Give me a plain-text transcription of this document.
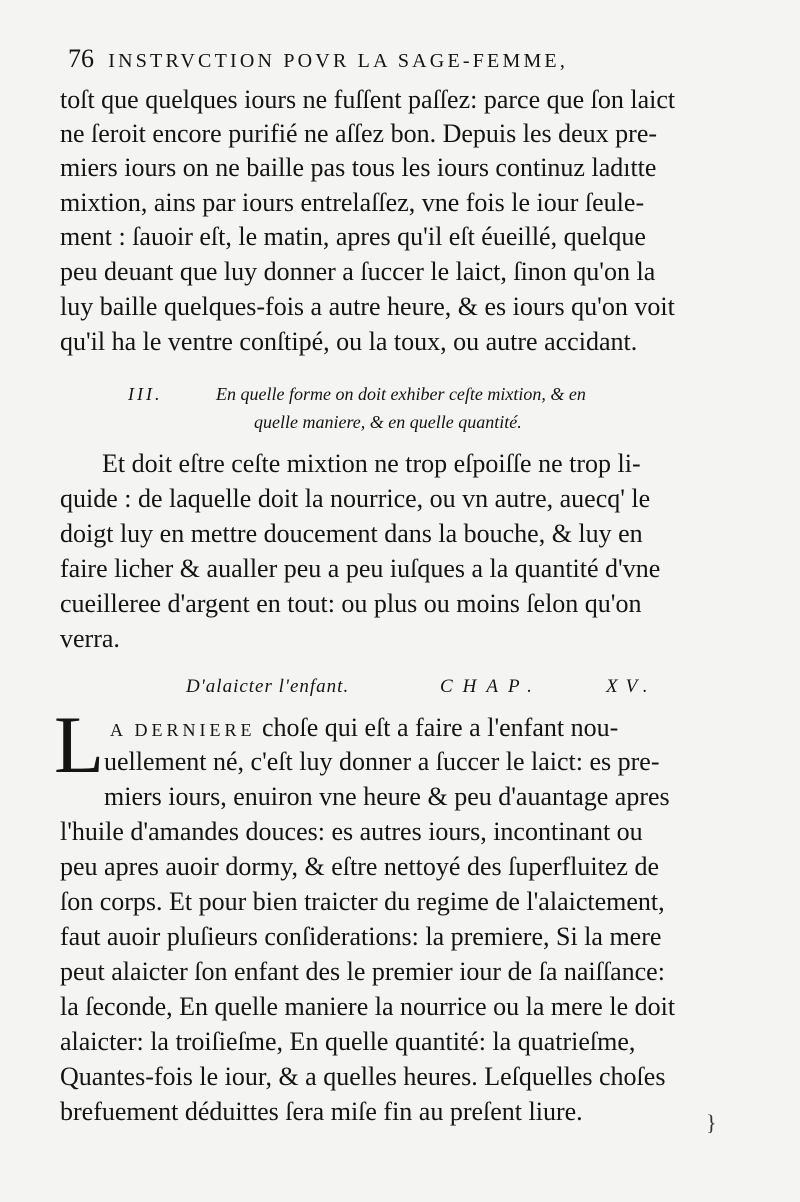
76 INSTRVCTION POVR LA SAGE-FEMME,
toſt que quelques iours ne fuſſent paſſez: parce que ſon laict
ne ſeroit encore purifié ne aſſez bon. Depuis les deux pre-
miers iours on ne baille pas tous les iours continuz ladıtte
mixtion, ains par iours entrelaſſez, vne fois le iour ſeule-
ment : ſauoir eſt, le matin, apres qu'il eſt éueillé, quelque
peu deuant que luy donner a ſuccer le laict, ſinon qu'on la
luy baille quelques-fois a autre heure, & es iours qu'on voit
qu'il ha le ventre conſtipé, ou la toux, ou autre accidant.
III.	En quelle forme on doit exhiber ceſte mixtion, & en
quelle maniere, & en quelle quantité.
Et doit eſtre ceſte mixtion ne trop eſpoiſſe ne trop li-
quide : de laquelle doit la nourrice, ou vn autre, auecq' le
doigt luy en mettre doucement dans la bouche, & luy en
faire licher & aualler peu a peu iuſques a la quantité d'vne
cueilleree d'argent en tout: ou plus ou moins ſelon qu'on
verra.
D'alaicter l'enfant.	CHAP.	XV.
L A DERNIERE choſe qui eſt a faire a l'enfant nou-
uellement né, c'eſt luy donner a ſuccer le laict: es pre-
miers iours, enuiron vne heure & peu d'auantage apres
l'huile d'amandes douces: es autres iours, incontinant ou
peu apres auoir dormy, & eſtre nettoyé des ſuperfluitez de
ſon corps. Et pour bien traicter du regime de l'alaictement,
faut auoir pluſieurs conſiderations: la premiere, Si la mere
peut alaicter ſon enfant des le premier iour de ſa naiſſance:
la ſeconde, En quelle maniere la nourrice ou la mere le doit
alaicter: la troiſieſme, En quelle quantité: la quatrieſme,
Quantes-fois le iour, & a quelles heures. Leſquelles choſes
brefuement déduittes ſera miſe fin au preſent liure.	}
